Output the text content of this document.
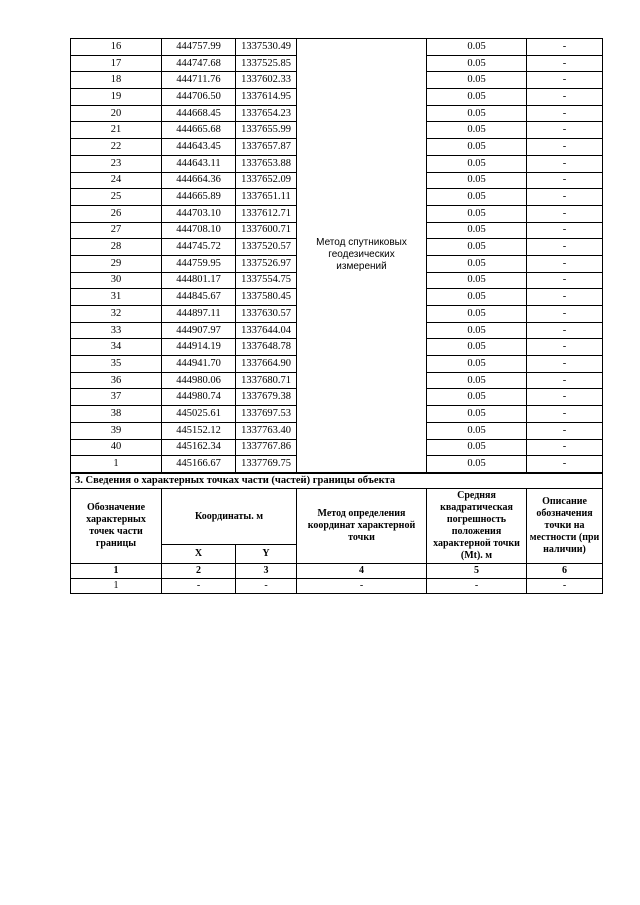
16	444757.99	1337530.49	Метод спутниковых геодезических измерений	0.05	-
17	444747.68	1337525.85		0.05	-
18	444711.76	1337602.33		0.05	-
19	444706.50	1337614.95		0.05	-
20	444668.45	1337654.23		0.05	-
21	444665.68	1337655.99		0.05	-
22	444643.45	1337657.87		0.05	-
23	444643.11	1337653.88		0.05	-
24	444664.36	1337652.09		0.05	-
25	444665.89	1337651.11		0.05	-
26	444703.10	1337612.71		0.05	-
27	444708.10	1337600.71		0.05	-
28	444745.72	1337520.57		0.05	-
29	444759.95	1337526.97		0.05	-
30	444801.17	1337554.75		0.05	-
31	444845.67	1337580.45		0.05	-
32	444897.11	1337630.57		0.05	-
33	444907.97	1337644.04		0.05	-
34	444914.19	1337648.78		0.05	-
35	444941.70	1337664.90		0.05	-
36	444980.06	1337680.71		0.05	-
37	444980.74	1337679.38		0.05	-
38	445025.61	1337697.53		0.05	-
39	445152.12	1337763.40		0.05	-
40	445162.34	1337767.86		0.05	-
1	445166.67	1337769.75		0.05	-
3. Сведения о характерных точках части (частей) границы объекта					
Обозначение характерных точек части границы	Координаты. м		Метод определения координат характерной точки	Средняя квадратическая погрешность положения характерной точки (Mt). м	Описание обозначения точки на местности (при наличии)
	X	Y			
1	2	3	4	5	6
1	-	-	-	-	-
